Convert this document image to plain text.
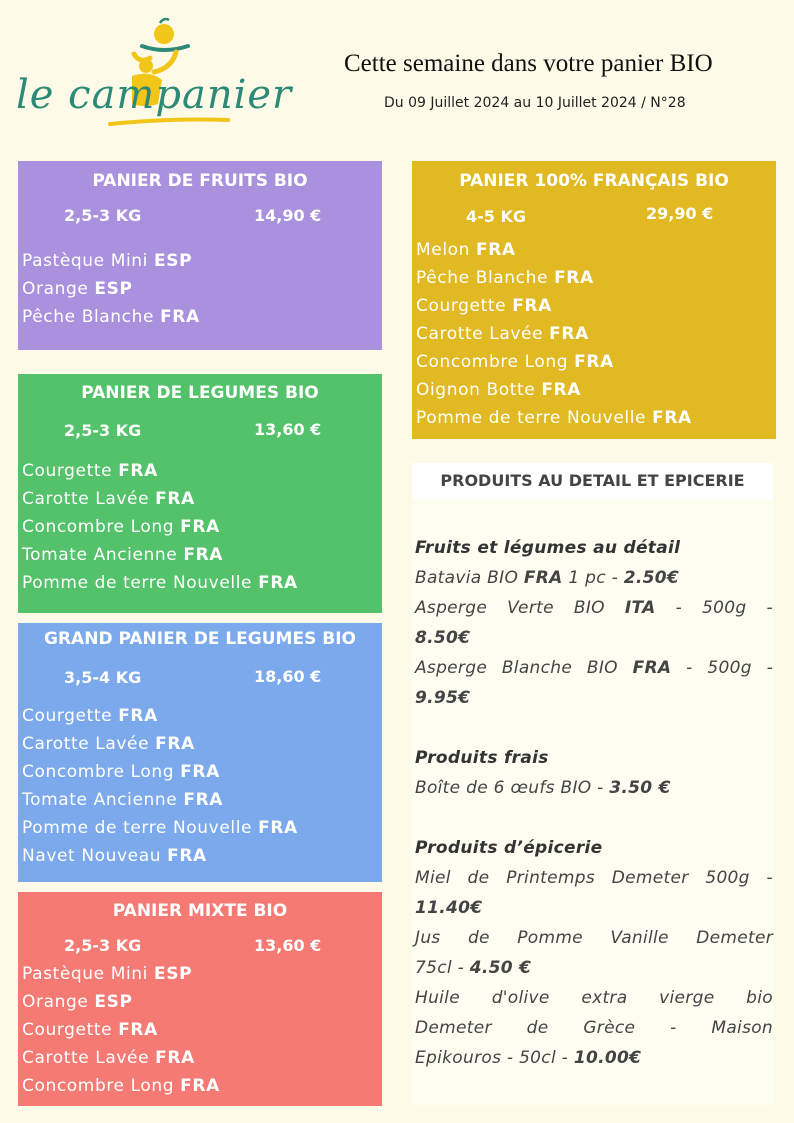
le campanier
Cette semaine dans votre panier BIO
Du 09 Juillet 2024 au 10 Juillet 2024 / N°28
PANIER DE FRUITS BIO
2,5-3 KG	14,90 €
Pastèque Mini ESP
Orange ESP
Pêche Blanche FRA
PANIER DE LEGUMES BIO
2,5-3 KG	13,60 €
Courgette FRA
Carotte Lavée FRA
Concombre Long FRA
Tomate Ancienne FRA
Pomme de terre Nouvelle FRA
GRAND PANIER DE LEGUMES BIO
3,5-4 KG	18,60 €
Courgette FRA
Carotte Lavée FRA
Concombre Long FRA
Tomate Ancienne FRA
Pomme de terre Nouvelle FRA
Navet Nouveau FRA
PANIER MIXTE BIO
2,5-3 KG	13,60 €
Pastèque Mini ESP
Orange ESP
Courgette FRA
Carotte Lavée FRA
Concombre Long FRA
PANIER 100% FRANÇAIS BIO
4-5 KG	29,90 €
Melon FRA
Pêche Blanche FRA
Courgette FRA
Carotte Lavée FRA
Concombre Long FRA
Oignon Botte FRA
Pomme de terre Nouvelle FRA
PRODUITS AU DETAIL ET EPICERIE
Fruits et légumes au détail
Batavia BIO FRA 1 pc - 2.50€
Asperge Verte BIO ITA - 500g -
8.50€
Asperge Blanche BIO FRA - 500g -
9.95€
Produits frais
Boîte de 6 œufs BIO - 3.50 €
Produits d’épicerie
Miel de Printemps Demeter 500g -
11.40€
Jus de Pomme Vanille Demeter
75cl - 4.50 €
Huile d'olive extra vierge bio
Demeter de Grèce - Maison
Epikouros - 50cl - 10.00€
